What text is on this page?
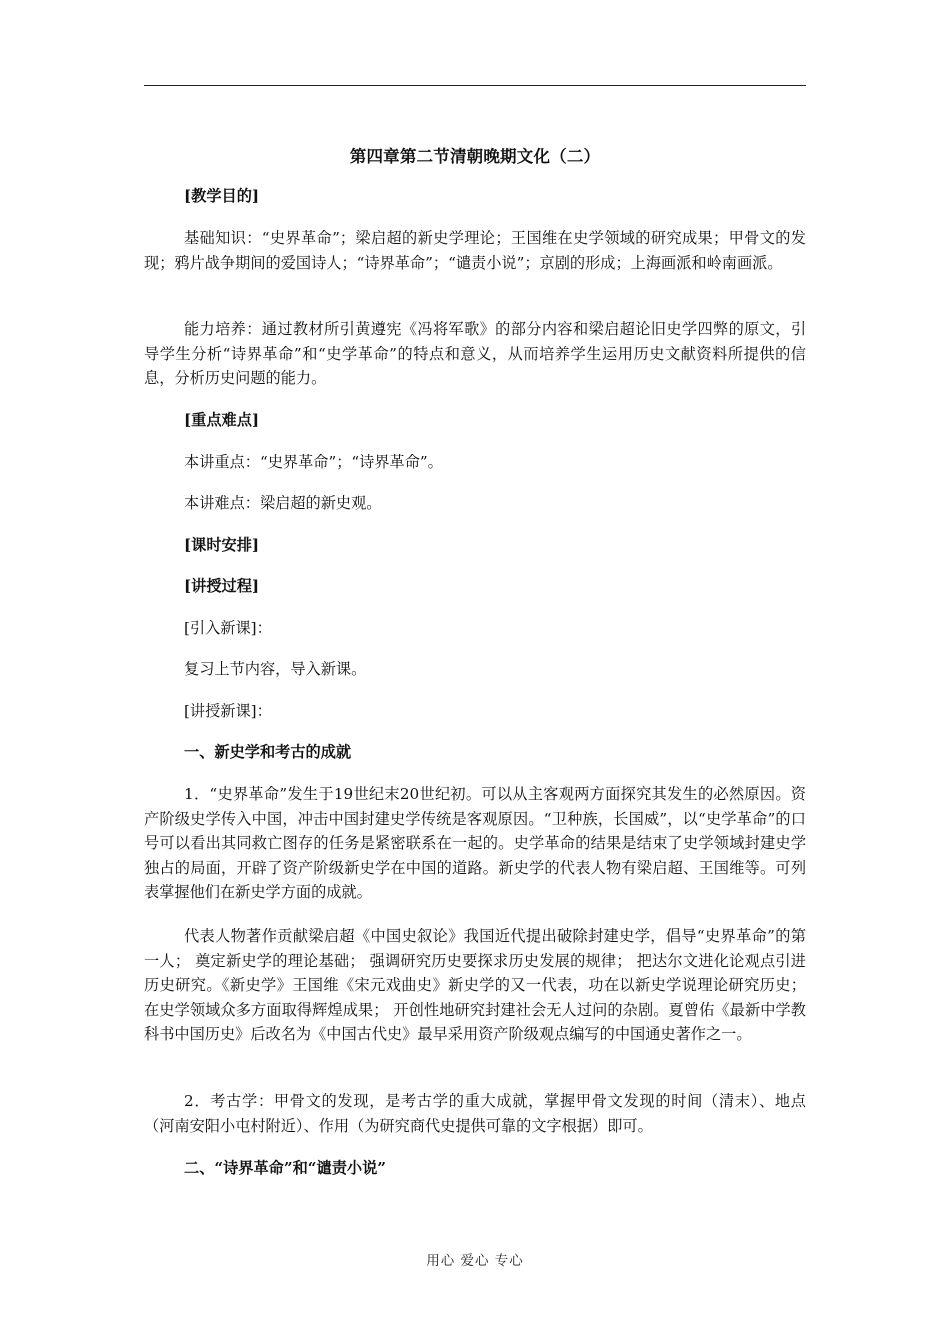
第四章第二节清朝晚期文化（二）
[教学目的]
基础知识：“史界革命”；梁启超的新史学理论；王国维在史学领域的研究成果；甲骨文的发现；鸦片战争期间的爱国诗人；“诗界革命”；“谴责小说”；京剧的形成；上海画派和岭南画派。
能力培养：通过教材所引黄遵宪《冯将军歌》的部分内容和梁启超论旧史学四弊的原文，引导学生分析“诗界革命”和“史学革命”的特点和意义，从而培养学生运用历史文献资料所提供的信息，分析历史问题的能力。
[重点难点]
本讲重点：“史界革命”；“诗界革命”。
本讲难点：梁启超的新史观。
[课时安排]
[讲授过程]
[引入新课]：
复习上节内容，导入新课。
[讲授新课]：
一、新史学和考古的成就
1．“史界革命”发生于19世纪末20世纪初。可以从主客观两方面探究其发生的必然原因。资产阶级史学传入中国，冲击中国封建史学传统是客观原因。“卫种族，长国威”，以“史学革命”的口号可以看出其同救亡图存的任务是紧密联系在一起的。史学革命的结果是结束了史学领域封建史学独占的局面，开辟了资产阶级新史学在中国的道路。新史学的代表人物有梁启超、王国维等。可列表掌握他们在新史学方面的成就。
代表人物著作贡献梁启超《中国史叙论》我国近代提出破除封建史学，倡导“史界革命”的第一人； 奠定新史学的理论基础； 强调研究历史要探求历史发展的规律； 把达尔文进化论观点引进历史研究。《新史学》王国维《宋元戏曲史》新史学的又一代表，功在以新史学说理论研究历史； 在史学领域众多方面取得辉煌成果； 开创性地研究封建社会无人过问的杂剧。夏曾佑《最新中学教科书中国历史》后改名为《中国古代史》最早采用资产阶级观点编写的中国通史著作之一。
2．考古学：甲骨文的发现，是考古学的重大成就，掌握甲骨文发现的时间（清末）、地点（河南安阳小屯村附近）、作用（为研究商代史提供可靠的文字根据）即可。
二、“诗界革命”和“谴责小说”
用心 爱心 专心
